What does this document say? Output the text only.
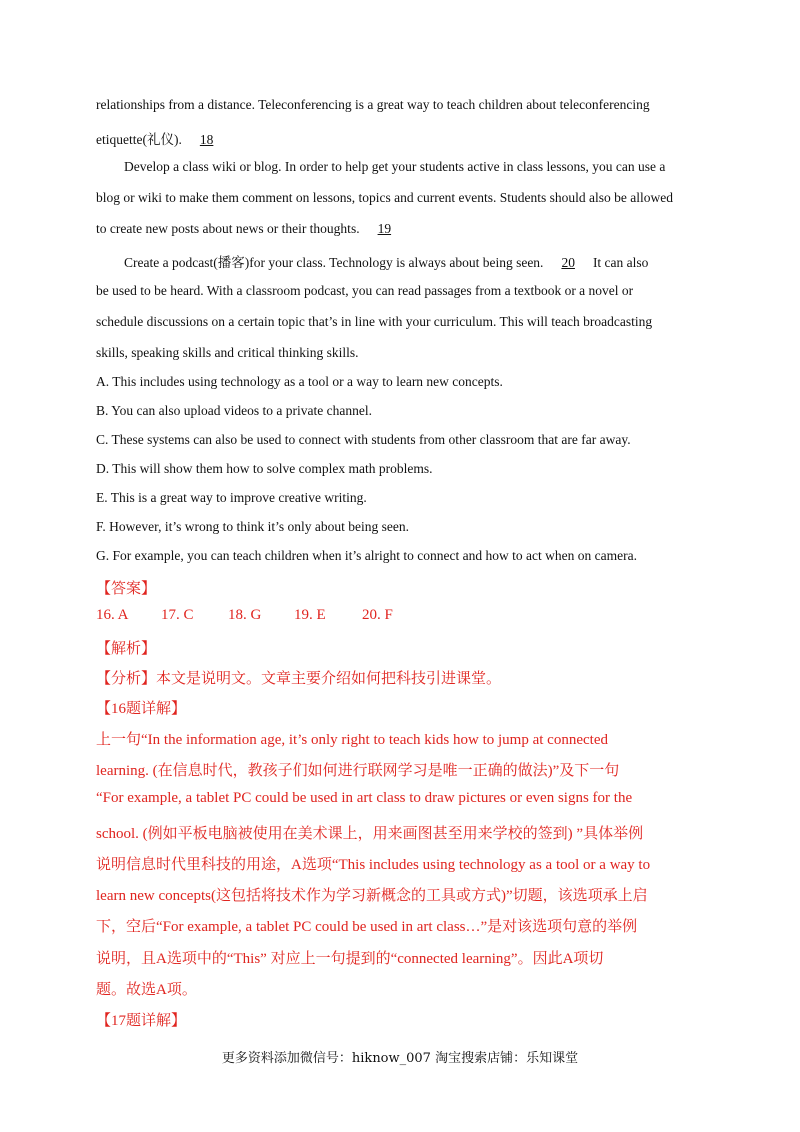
relationships from a distance. Teleconferencing is a great way to teach children about teleconferencing
etiquette(礼仪). 18
Develop a class wiki or blog. In order to help get your students active in class lessons, you can use a
blog or wiki to make them comment on lessons, topics and current events. Students should also be allowed
to create new posts about news or their thoughts. 19
Create a podcast(播客)for your class. Technology is always about being seen. 20 It can also
be used to be heard. With a classroom podcast, you can read passages from a textbook or a novel or
schedule discussions on a certain topic that’s in line with your curriculum. This will teach broadcasting
skills, speaking skills and critical thinking skills.
A. This includes using technology as a tool or a way to learn new concepts.
B. You can also upload videos to a private channel.
C. These systems can also be used to connect with students from other classroom that are far away.
D. This will show them how to solve complex math problems.
E. This is a great way to improve creative writing.
F. However, it’s wrong to think it’s only about being seen.
G. For example, you can teach children when it’s alright to connect and how to act when on camera.
【答案】
16. A 17. C 18. G 19. E 20. F
【解析】
【分析】本文是说明文。文章主要介绍如何把科技引进课堂。
【16题详解】
上一句“In the information age, it’s only right to teach kids how to jump at connected
learning. (在信息时代，教孩子们如何进行联网学习是唯一正确的做法)”及下一句
“For example, a tablet PC could be used in art class to draw pictures or even signs for the
school. (例如平板电脑被使用在美术课上，用来画图甚至用来学校的签到) ”具体举例
说明信息时代里科技的用途，A选项“This includes using technology as a tool or a way to
learn new concepts(这包括将技术作为学习新概念的工具或方式)”切题，该选项承上启
下，空后“For example, a tablet PC could be used in art class…”是对该选项句意的举例
说明，且A选项中的“This” 对应上一句提到的“connected learning”。因此A项切
题。故选A项。
【17题详解】
更多资料添加微信号：hiknow_007 淘宝搜索店铺：乐知课堂
